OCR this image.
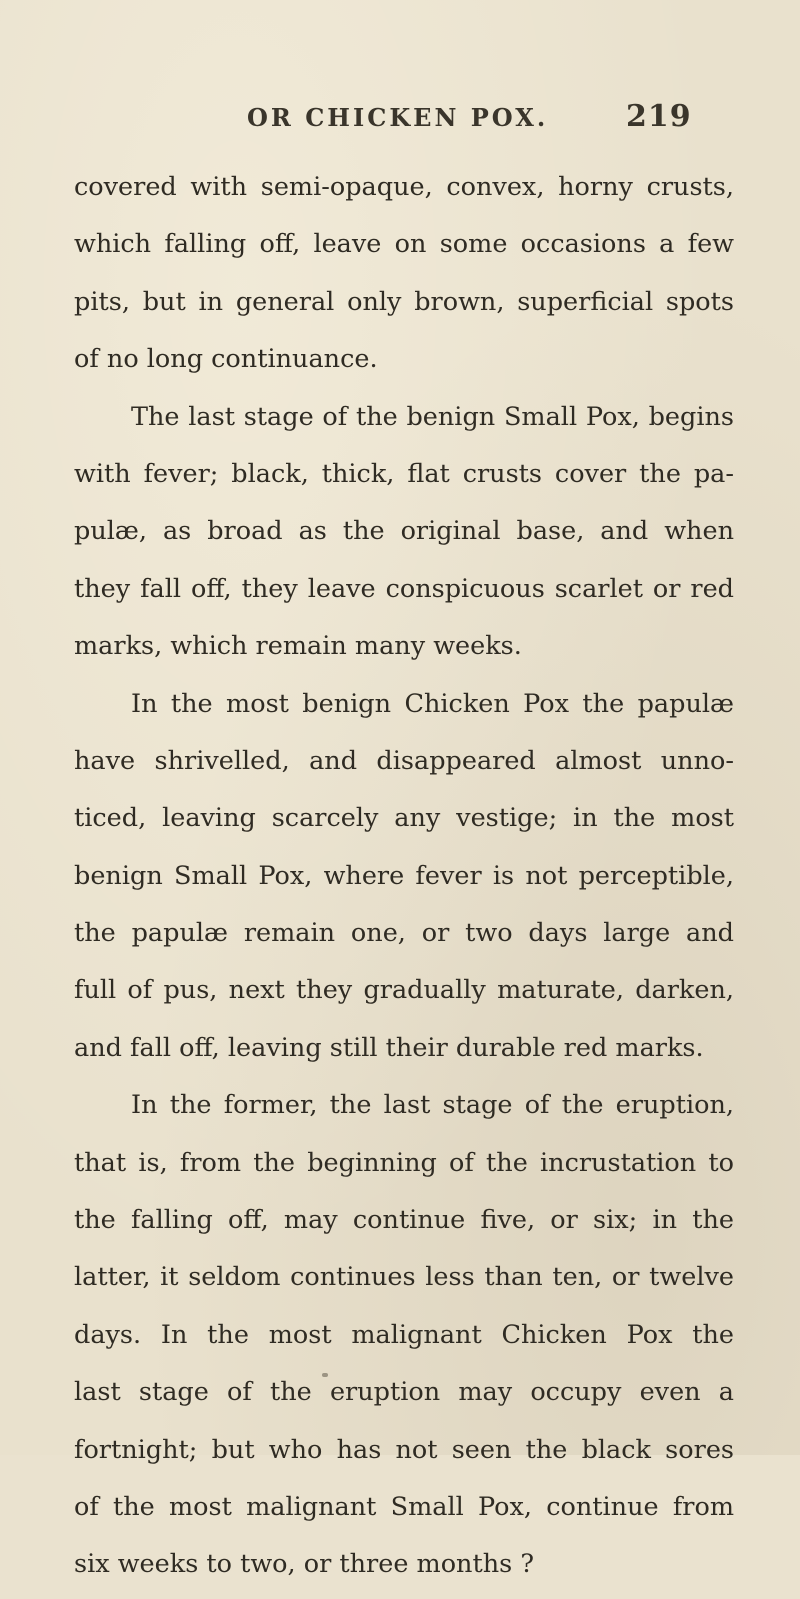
OR CHICKEN POX.	219
covered with semi-opaque, convex, horny crusts,
which falling off, leave on some occasions a few
pits, but in general only brown, superficial spots
of no long continuance.
The last stage of the benign Small Pox, begins
with fever; black, thick, flat crusts cover the pa-
pulæ, as broad as the original base, and when
they fall off, they leave conspicuous scarlet or red
marks, which remain many weeks.
In the most benign Chicken Pox the papulæ
have shrivelled, and disappeared almost unno-
ticed, leaving scarcely any vestige; in the most
benign Small Pox, where fever is not perceptible,
the papulæ remain one, or two days large and
full of pus, next they gradually maturate, darken,
and fall off, leaving still their durable red marks.
In the former, the last stage of the eruption,
that is, from the beginning of the incrustation to
the falling off, may continue five, or six; in the
latter, it seldom continues less than ten, or twelve
days. In the most malignant Chicken Pox the
last stage of the eruption may occupy even a
fortnight; but who has not seen the black sores
of the most malignant Small Pox, continue from
six weeks to two, or three months ?
